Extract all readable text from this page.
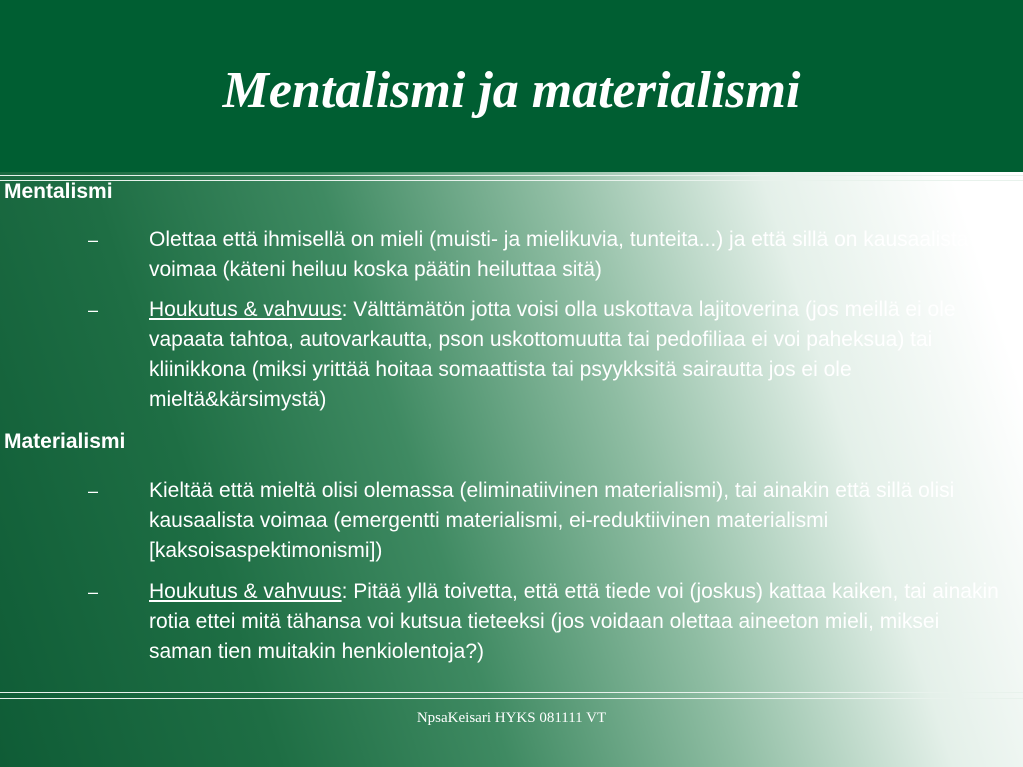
Mentalismi ja materialismi
Mentalismi
–	Olettaa että ihmisellä on mieli (muisti- ja mielikuvia, tunteita...) ja että sillä on kausaalista voimaa (käteni heiluu koska päätin heiluttaa sitä)
–	Houkutus & vahvuus: Välttämätön jotta voisi olla uskottava lajitoverina (jos meillä ei ole vapaata tahtoa, autovarkautta, pson uskottomuutta tai pedofiliaa ei voi paheksua) tai kliinikkona (miksi yrittää hoitaa somaattista tai psyykksitä sairautta jos ei ole mieltä&kärsimystä)
Materialismi
–	Kieltää että mieltä olisi olemassa (eliminatiivinen materialismi), tai ainakin että sillä olisi kausaalista voimaa (emergentti materialismi, ei-reduktiivinen materialismi [kaksoisaspektimonismi])
–	Houkutus & vahvuus: Pitää yllä toivetta, että että tiede voi (joskus) kattaa kaiken, tai ainakin rotia ettei mitä tähansa voi kutsua tieteeksi (jos voidaan olettaa aineeton mieli, miksei saman tien muitakin henkiolentoja?)
NpsaKeisari HYKS 081111 VT
